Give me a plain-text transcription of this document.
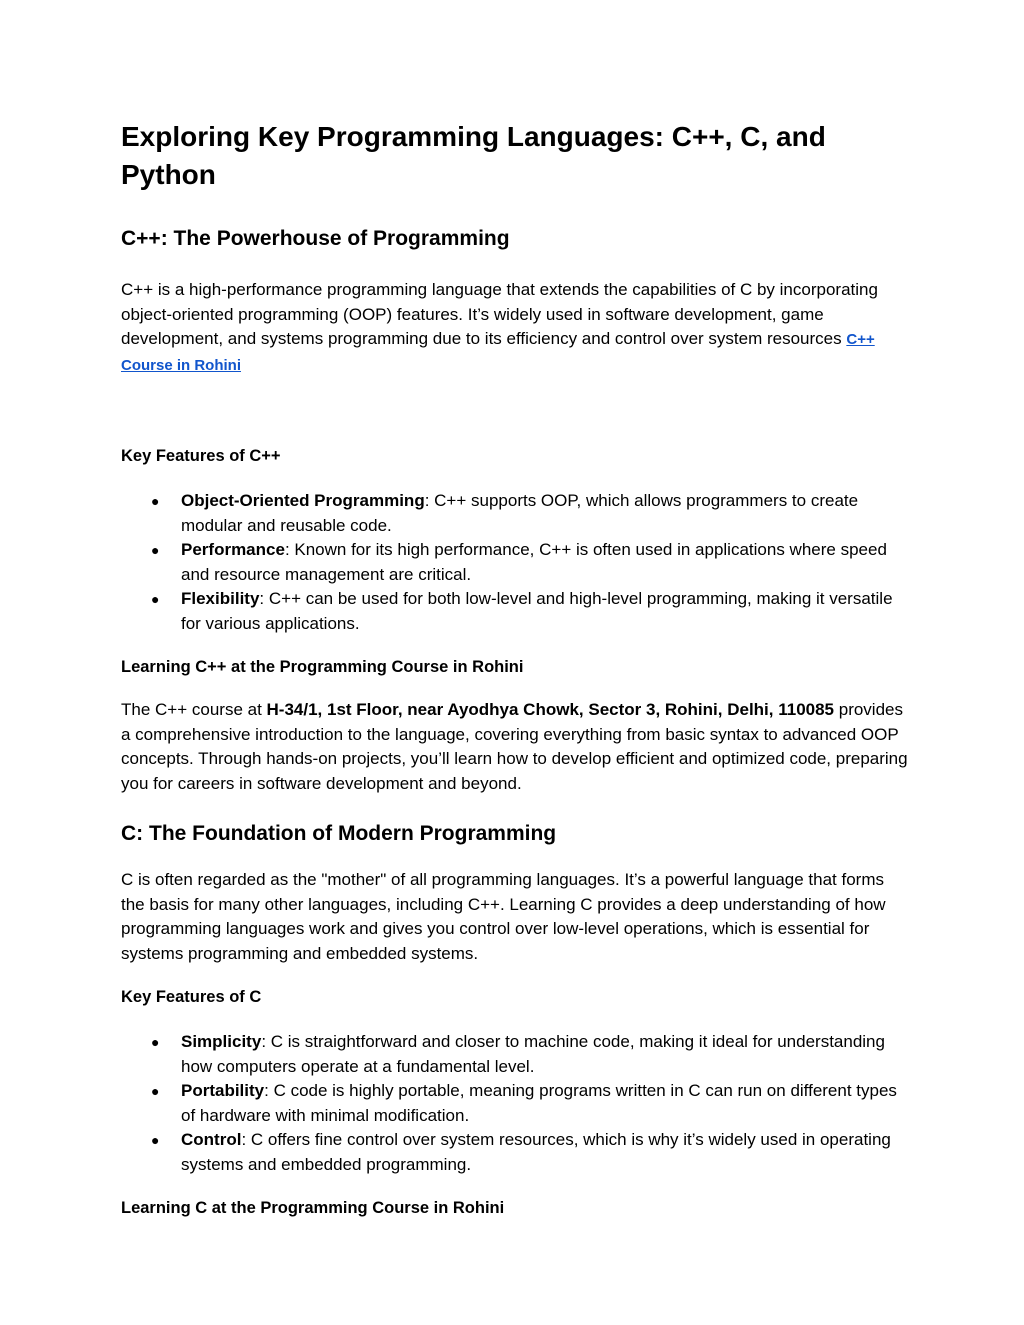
Exploring Key Programming Languages: C++, C, and Python
C++: The Powerhouse of Programming

C++ is a high-performance programming language that extends the capabilities of C by incorporating object-oriented programming (OOP) features. It’s widely used in software development, game development, and systems programming due to its efficiency and control over system resources C++ Course in Rohini

Key Features of C++
● Object-Oriented Programming: C++ supports OOP, which allows programmers to create modular and reusable code.
● Performance: Known for its high performance, C++ is often used in applications where speed and resource management are critical.
● Flexibility: C++ can be used for both low-level and high-level programming, making it versatile for various applications.
Learning C++ at the Programming Course in Rohini

The C++ course at H-34/1, 1st Floor, near Ayodhya Chowk, Sector 3, Rohini, Delhi, 110085 provides a comprehensive introduction to the language, covering everything from basic syntax to advanced OOP concepts. Through hands-on projects, you’ll learn how to develop efficient and optimized code, preparing you for careers in software development and beyond.

C: The Foundation of Modern Programming

C is often regarded as the "mother" of all programming languages. It’s a powerful language that forms the basis for many other languages, including C++. Learning C provides a deep understanding of how programming languages work and gives you control over low-level operations, which is essential for systems programming and embedded systems.

Key Features of C
● Simplicity: C is straightforward and closer to machine code, making it ideal for understanding how computers operate at a fundamental level.
● Portability: C code is highly portable, meaning programs written in C can run on different types of hardware with minimal modification.
● Control: C offers fine control over system resources, which is why it’s widely used in operating systems and embedded programming.
Learning C at the Programming Course in Rohini
